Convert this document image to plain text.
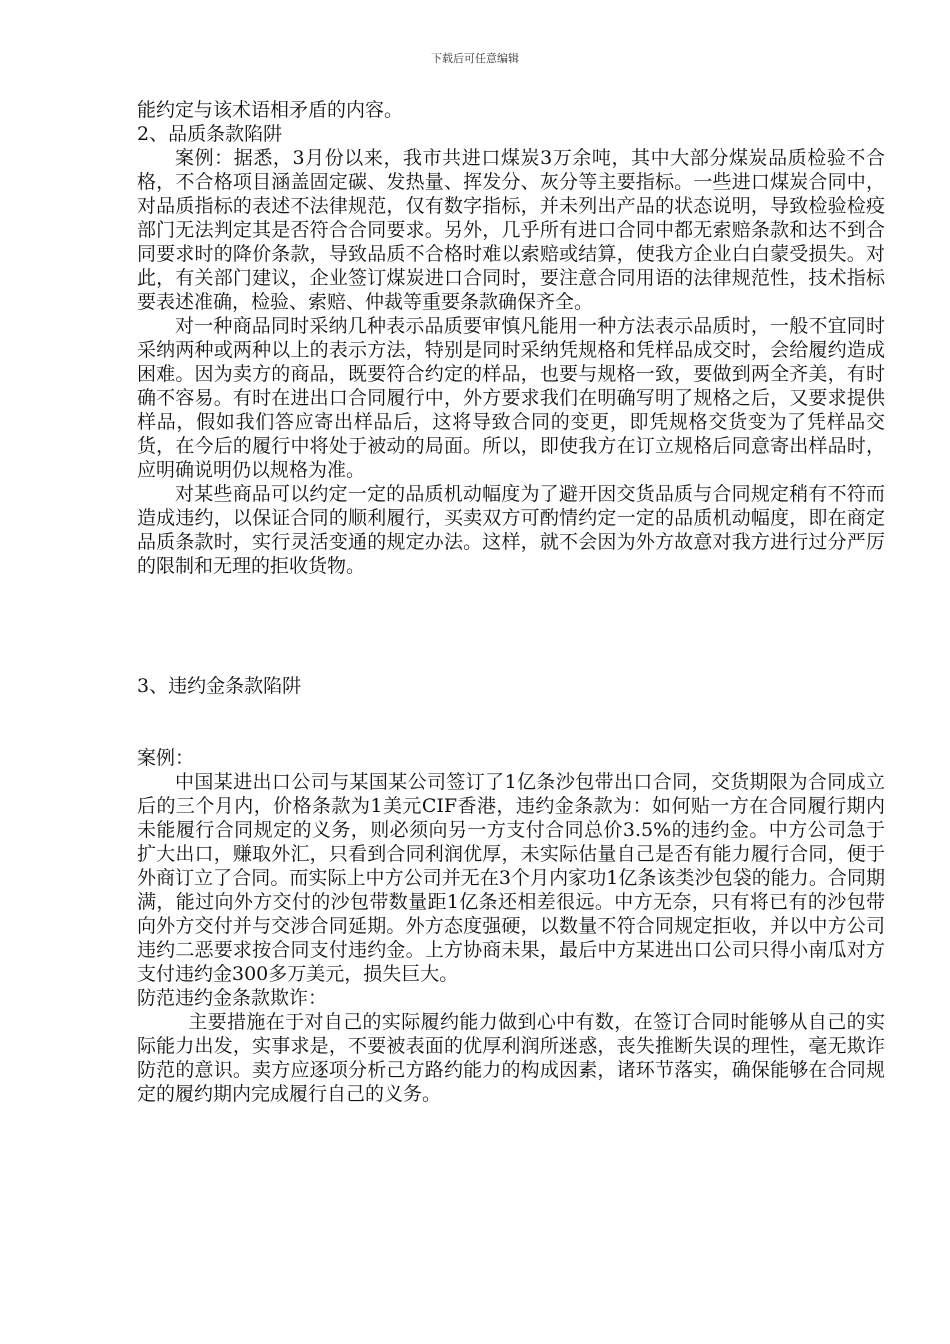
下载后可任意编辑

能约定与该术语相矛盾的内容。

2、品质条款陷阱

案例：据悉，3月份以来，我市共进口煤炭3万余吨，其中大部分煤炭品质检验不合格，不合格项目涵盖固定碳、发热量、挥发分、灰分等主要指标。一些进口煤炭合同中，对品质指标的表述不法律规范，仅有数字指标，并未列出产品的状态说明，导致检验检疫部门无法判定其是否符合合同要求。另外，几乎所有进口合同中都无索赔条款和达不到合同要求时的降价条款，导致品质不合格时难以索赔或结算，使我方企业白白蒙受损失。对此，有关部门建议，企业签订煤炭进口合同时，要注意合同用语的法律规范性，技术指标要表述准确，检验、索赔、仲裁等重要条款确保齐全。

对一种商品同时采纳几种表示品质要审慎凡能用一种方法表示品质时，一般不宜同时采纳两种或两种以上的表示方法，特别是同时采纳凭规格和凭样品成交时，会给履约造成困难。因为卖方的商品，既要符合约定的样品，也要与规格一致，要做到两全齐美，有时确不容易。有时在进出口合同履行中，外方要求我们在明确写明了规格之后，又要求提供样品，假如我们答应寄出样品后，这将导致合同的变更，即凭规格交货变为了凭样品交货，在今后的履行中将处于被动的局面。所以，即使我方在订立规格后同意寄出样品时，应明确说明仍以规格为准。

对某些商品可以约定一定的品质机动幅度为了避开因交货品质与合同规定稍有不符而造成违约，以保证合同的顺利履行，买卖双方可酌情约定一定的品质机动幅度，即在商定品质条款时，实行灵活变通的规定办法。这样，就不会因为外方故意对我方进行过分严厉的限制和无理的拒收货物。

3、违约金条款陷阱

案例：

中国某进出口公司与某国某公司签订了1亿条沙包带出口合同，交货期限为合同成立后的三个月内，价格条款为1美元CIF香港，违约金条款为：如何贴一方在合同履行期内未能履行合同规定的义务，则必须向另一方支付合同总价3.5%的违约金。中方公司急于扩大出口，赚取外汇，只看到合同利润优厚，未实际估量自己是否有能力履行合同，便于外商订立了合同。而实际上中方公司并无在3个月内家功1亿条该类沙包袋的能力。合同期满，能过向外方交付的沙包带数量距1亿条还相差很远。中方无奈，只有将已有的沙包带向外方交付并与交涉合同延期。外方态度强硬，以数量不符合同规定拒收，并以中方公司违约二恶要求按合同支付违约金。上方协商未果，最后中方某进出口公司只得小南瓜对方支付违约金300多万美元，损失巨大。

防范违约金条款欺诈：

主要措施在于对自己的实际履约能力做到心中有数，在签订合同时能够从自己的实际能力出发，实事求是，不要被表面的优厚利润所迷惑，丧失推断失误的理性，毫无欺诈防范的意识。卖方应逐项分析己方路约能力的构成因素，诸环节落实，确保能够在合同规定的履约期内完成履行自己的义务。
